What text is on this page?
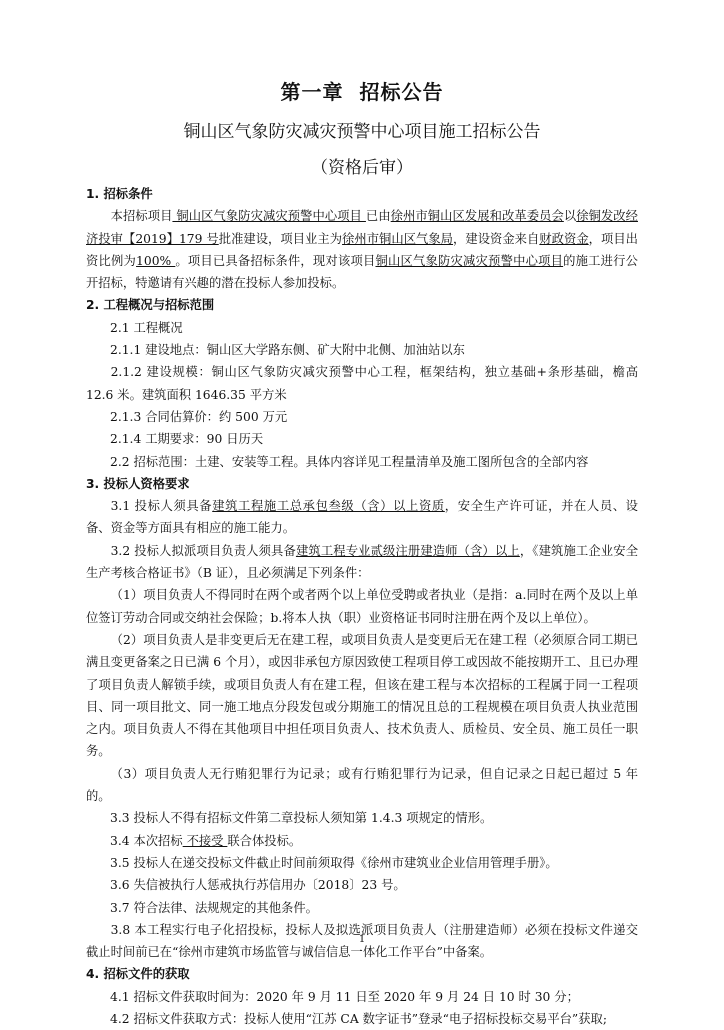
第一章 招标公告
铜山区气象防灾减灾预警中心项目施工招标公告
（资格后审）

1. 招标条件

本招标项目 铜山区气象防灾减灾预警中心项目 已由徐州市铜山区发展和改革委员会以徐铜发改经济投审【2019】179 号批准建设，项目业主为徐州市铜山区气象局，建设资金来自财政资金，项目出资比例为100% 。项目已具备招标条件，现对该项目铜山区气象防灾减灾预警中心项目的施工进行公开招标，特邀请有兴趣的潜在投标人参加投标。

2. 工程概况与招标范围

2.1 工程概况

2.1.1 建设地点：铜山区大学路东侧、矿大附中北侧、加油站以东

2.1.2 建设规模：铜山区气象防灾减灾预警中心工程，框架结构，独立基础+条形基础，檐高 12.6 米。建筑面积 1646.35 平方米

2.1.3 合同估算价：约 500 万元

2.1.4 工期要求：90 日历天

2.2 招标范围：土建、安装等工程。具体内容详见工程量清单及施工图所包含的全部内容

3. 投标人资格要求

3.1 投标人须具备建筑工程施工总承包叁级（含）以上资质，安全生产许可证，并在人员、设备、资金等方面具有相应的施工能力。

3.2 投标人拟派项目负责人须具备建筑工程专业贰级注册建造师（含）以上，《建筑施工企业安全生产考核合格证书》（B 证），且必须满足下列条件：

（1）项目负责人不得同时在两个或者两个以上单位受聘或者执业（是指：a.同时在两个及以上单位签订劳动合同或交纳社会保险；b.将本人执（职）业资格证书同时注册在两个及以上单位）。

（2）项目负责人是非变更后无在建工程，或项目负责人是变更后无在建工程（必须原合同工期已满且变更备案之日已满 6 个月），或因非承包方原因致使工程项目停工或因故不能按期开工、且已办理了项目负责人解锁手续，或项目负责人有在建工程，但该在建工程与本次招标的工程属于同一工程项目、同一项目批文、同一施工地点分段发包或分期施工的情况且总的工程规模在项目负责人执业范围之内。项目负责人不得在其他项目中担任项目负责人、技术负责人、质检员、安全员、施工员任一职务。

（3）项目负责人无行贿犯罪行为记录；或有行贿犯罪行为记录，但自记录之日起已超过 5 年的。

3.3 投标人不得有招标文件第二章投标人须知第 1.4.3 项规定的情形。

3.4 本次招标 不接受 联合体投标。

3.5 投标人在递交投标文件截止时间前须取得《徐州市建筑业企业信用管理手册》。

3.6 失信被执行人惩戒执行苏信用办〔2018〕23 号。

3.7 符合法律、法规规定的其他条件。

3.8 本工程实行电子化招投标，投标人及拟选派项目负责人（注册建造师）必须在投标文件递交截止时间前已在“徐州市建筑市场监管与诚信信息一体化工作平台”中备案。

4. 招标文件的获取

4.1 招标文件获取时间为：2020 年 9 月 11 日至 2020 年 9 月 24 日 10 时 30 分；

4.2 招标文件获取方式：投标人使用“江苏 CA 数字证书”登录“电子招标投标交易平台”获取;

1
